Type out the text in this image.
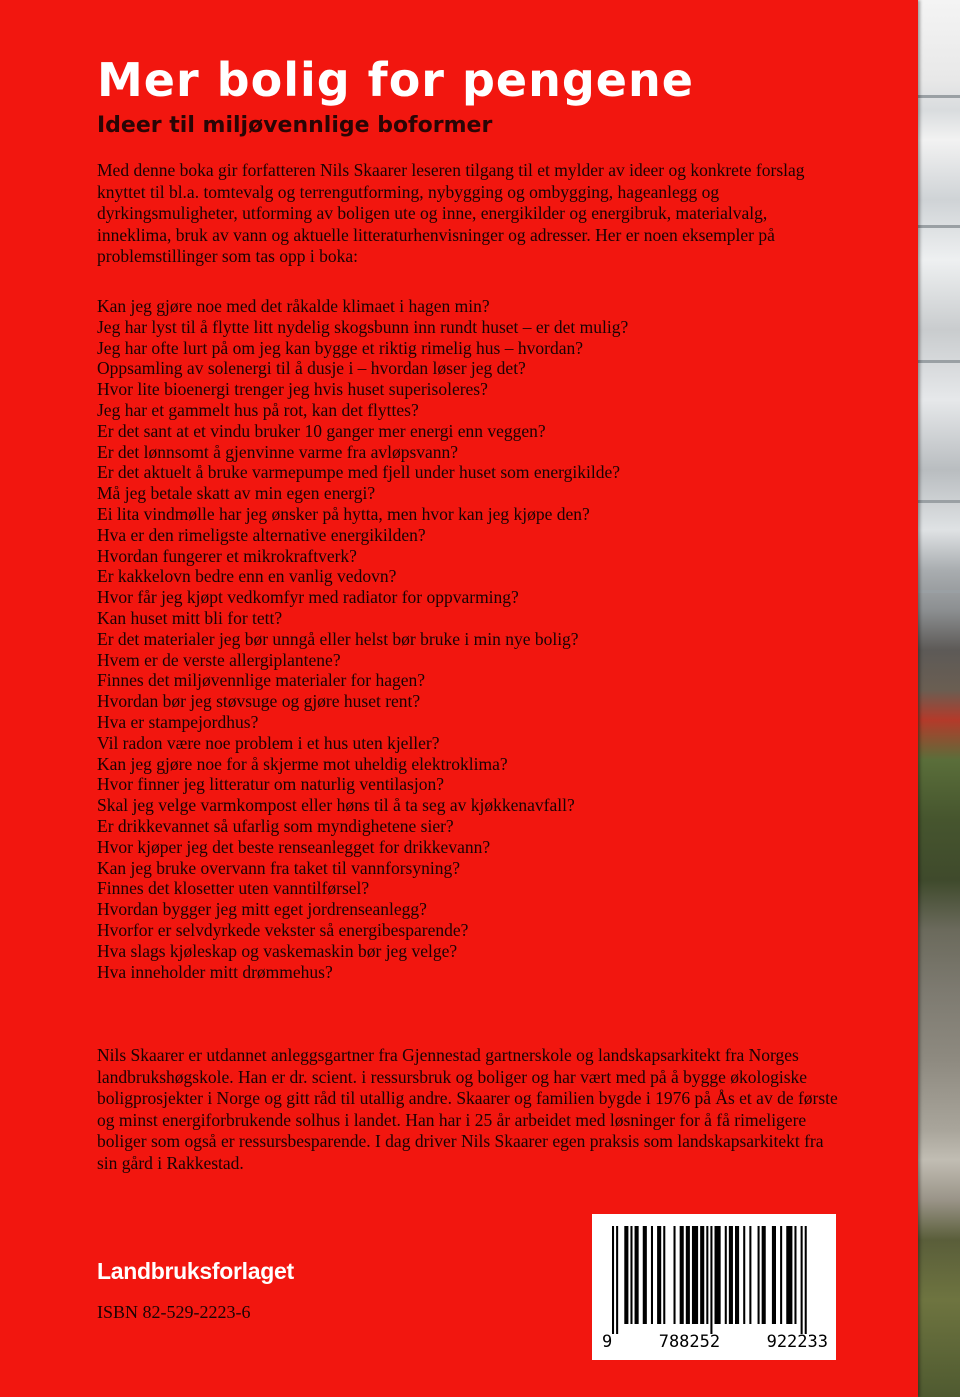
Mer bolig for pengene
Ideer til miljøvennlige boformer

Med denne boka gir forfatteren Nils Skaarer leseren tilgang til et mylder av ideer og konkrete forslag knyttet til bl.a. tomtevalg og terrengutforming, nybygging og ombygging, hageanlegg og dyrkingsmuligheter, utforming av boligen ute og inne, energikilder og energibruk, materialvalg, inneklima, bruk av vann og aktuelle litteraturhenvisninger og adresser. Her er noen eksempler på problemstillinger som tas opp i boka:

Kan jeg gjøre noe med det råkalde klimaet i hagen min?
Jeg har lyst til å flytte litt nydelig skogsbunn inn rundt huset – er det mulig?
Jeg har ofte lurt på om jeg kan bygge et riktig rimelig hus – hvordan?
Oppsamling av solenergi til å dusje i – hvordan løser jeg det?
Hvor lite bioenergi trenger jeg hvis huset superisoleres?
Jeg har et gammelt hus på rot, kan det flyttes?
Er det sant at et vindu bruker 10 ganger mer energi enn veggen?
Er det lønnsomt å gjenvinne varme fra avløpsvann?
Er det aktuelt å bruke varmepumpe med fjell under huset som energikilde?
Må jeg betale skatt av min egen energi?
Ei lita vindmølle har jeg ønsker på hytta, men hvor kan jeg kjøpe den?
Hva er den rimeligste alternative energikilden?
Hvordan fungerer et mikrokraftverk?
Er kakkelovn bedre enn en vanlig vedovn?
Hvor får jeg kjøpt vedkomfyr med radiator for oppvarming?
Kan huset mitt bli for tett?
Er det materialer jeg bør unngå eller helst bør bruke i min nye bolig?
Hvem er de verste allergiplantene?
Finnes det miljøvennlige materialer for hagen?
Hvordan bør jeg støvsuge og gjøre huset rent?
Hva er stampejordhus?
Vil radon være noe problem i et hus uten kjeller?
Kan jeg gjøre noe for å skjerme mot uheldig elektroklima?
Hvor finner jeg litteratur om naturlig ventilasjon?
Skal jeg velge varmkompost eller høns til å ta seg av kjøkkenavfall?
Er drikkevannet så ufarlig som myndighetene sier?
Hvor kjøper jeg det beste renseanlegget for drikkevann?
Kan jeg bruke overvann fra taket til vannforsyning?
Finnes det klosetter uten vanntilførsel?
Hvordan bygger jeg mitt eget jordrenseanlegg?
Hvorfor er selvdyrkede vekster så energibesparende?
Hva slags kjøleskap og vaskemaskin bør jeg velge?
Hva inneholder mitt drømmehus?

Nils Skaarer er utdannet anleggsgartner fra Gjennestad gartnerskole og landskapsarkitekt fra Norges landbrukshøgskole. Han er dr. scient. i ressursbruk og boliger og har vært med på å bygge økologiske boligprosjekter i Norge og gitt råd til utallig andre. Skaarer og familien bygde i 1976 på Ås et av de første og minst energiforbrukende solhus i landet. Han har i 25 år arbeidet med løsninger for å få rimeligere boliger som også er ressursbesparende. I dag driver Nils Skaarer egen praksis som landskapsarkitekt fra sin gård i Rakkestad.

Landbruksforlaget
ISBN 82-529-2223-6
9	788252	922233
